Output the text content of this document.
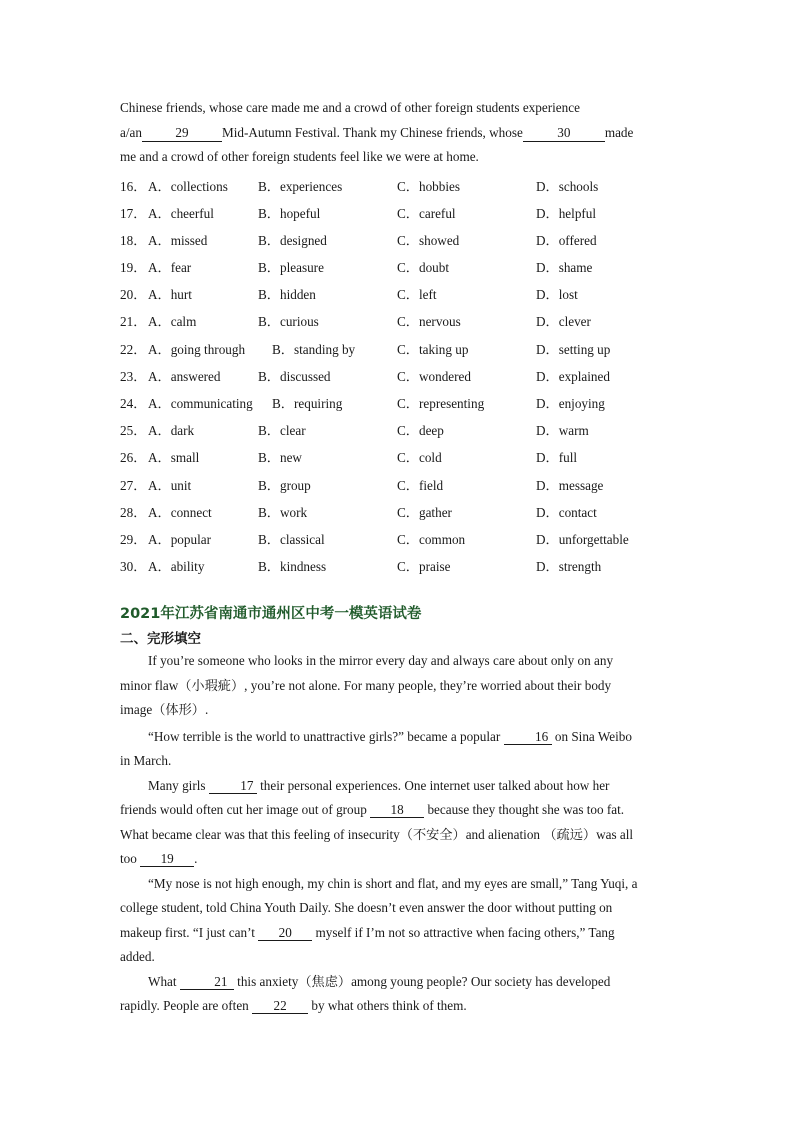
Chinese friends, whose care made me and a crowd of other foreign students experience

a/an	29	Mid-Autumn Festival. Thank my Chinese friends, whose	30	made

me and a crowd of other foreign students feel like we were at home.

16． A．collections B．experiences	C．hobbies	D．schools
17． A．cheerful	B．hopeful	C．careful	D．helpful
18． A．missed	B．designed	C．showed	D．offered
19． A．fear	B．pleasure	C．doubt	D．shame
20． A．hurt	B．hidden	C．left	D．lost
21． A．calm	B．curious	C．nervous	D．clever
22． A．going through B．standing by	C．taking up	D．setting up
23． A．answered	B．discussed	C．wondered	D．explained
24． A．communicating B．requiring	C．representing	D．enjoying
25． A．dark	B．clear	C．deep	D．warm
26． A．small	B．new	C．cold	D．full
27． A．unit	B．group	C．field	D．message
28． A．connect	B．work	C．gather	D．contact
29． A．popular	B．classical	C．common	D．unforgettable
30． A．ability	B．kindness	C．praise	D．strength
2021年江苏省南通市通州区中考一模英语试卷
二、完形填空

If you’re someone who looks in the mirror every day and always care about only on any

minor flaw（小瑕疵）, you’re not alone. For many people, they’re worried about their body

image（体形）.

“How terrible is the world to unattractive girls?” became a popular 16 on Sina Weibo

in March.

Many girls 17 their personal experiences. One internet user talked about how her

friends would often cut her image out of group 18 because they thought she was too fat.

What became clear was that this feeling of insecurity（不安全）and alienation （疏远）was all

too 19 .

“My nose is not high enough, my chin is short and flat, and my eyes are small,” Tang Yuqi, a

college student, told China Youth Daily. She doesn’t even answer the door without putting on

makeup first. “I just can’t 20 myself if I’m not so attractive when facing others,” Tang

added.

What	21 this anxiety（焦虑）among young people? Our society has developed

rapidly. People are often 22 by what others think of them.
